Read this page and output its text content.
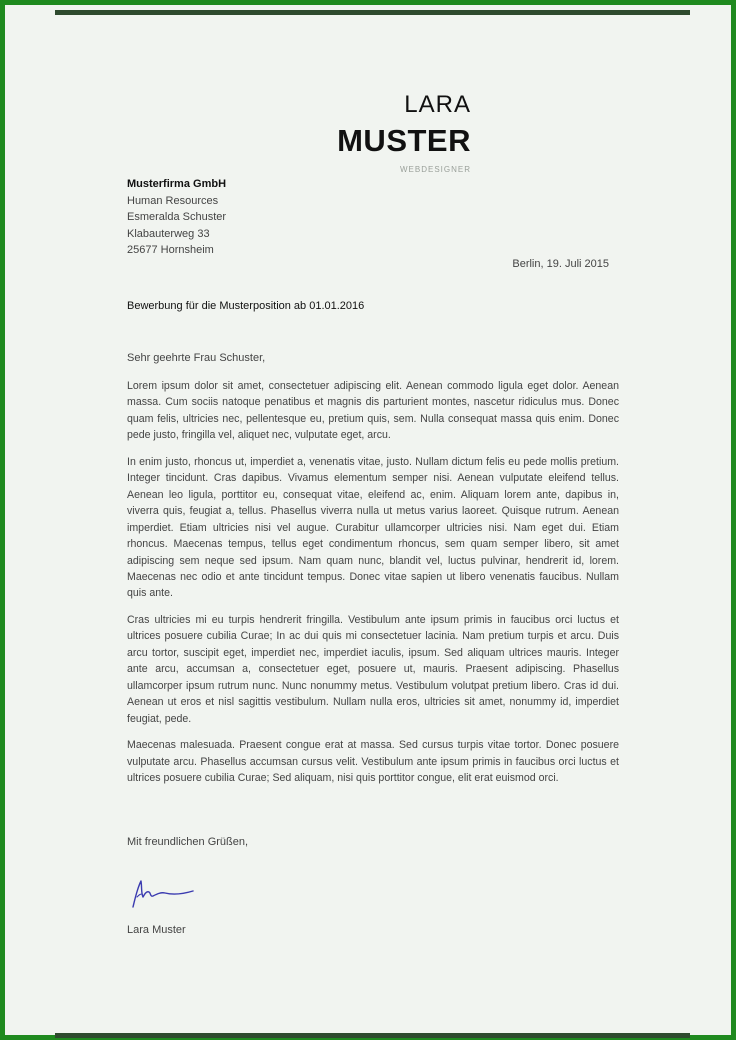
LARA
MUSTER
WEBDESIGNER
Musterfirma GmbH
Human Resources
Esmeralda Schuster
Klabauterweg 33
25677 Hornsheim
Berlin, 19. Juli 2015
Bewerbung für die Musterposition ab 01.01.2016
Sehr geehrte Frau Schuster,

Lorem ipsum dolor sit amet, consectetuer adipiscing elit. Aenean commodo ligula eget dolor. Aenean massa. Cum sociis natoque penatibus et magnis dis parturient montes, nascetur ridiculus mus. Donec quam felis, ultricies nec, pellentesque eu, pretium quis, sem. Nulla consequat massa quis enim. Donec pede justo, fringilla vel, aliquet nec, vulputate eget, arcu.

In enim justo, rhoncus ut, imperdiet a, venenatis vitae, justo. Nullam dictum felis eu pede mollis pretium. Integer tincidunt. Cras dapibus. Vivamus elementum semper nisi. Aenean vulputate eleifend tellus. Aenean leo ligula, porttitor eu, consequat vitae, eleifend ac, enim. Aliquam lorem ante, dapibus in, viverra quis, feugiat a, tellus. Phasellus viverra nulla ut metus varius laoreet. Quisque rutrum. Aenean imperdiet. Etiam ultricies nisi vel augue. Curabitur ullamcorper ultricies nisi. Nam eget dui. Etiam rhoncus. Maecenas tempus, tellus eget condimentum rhoncus, sem quam semper libero, sit amet adipiscing sem neque sed ipsum. Nam quam nunc, blandit vel, luctus pulvinar, hendrerit id, lorem. Maecenas nec odio et ante tincidunt tempus. Donec vitae sapien ut libero venenatis faucibus. Nullam quis ante.

Cras ultricies mi eu turpis hendrerit fringilla. Vestibulum ante ipsum primis in faucibus orci luctus et ultrices posuere cubilia Curae; In ac dui quis mi consectetuer lacinia. Nam pretium turpis et arcu. Duis arcu tortor, suscipit eget, imperdiet nec, imperdiet iaculis, ipsum. Sed aliquam ultrices mauris. Integer ante arcu, accumsan a, consectetuer eget, posuere ut, mauris. Praesent adipiscing. Phasellus ullamcorper ipsum rutrum nunc. Nunc nonummy metus. Vestibulum volutpat pretium libero. Cras id dui. Aenean ut eros et nisl sagittis vestibulum. Nullam nulla eros, ultricies sit amet, nonummy id, imperdiet feugiat, pede.

Maecenas malesuada. Praesent congue erat at massa. Sed cursus turpis vitae tortor. Donec posuere vulputate arcu. Phasellus accumsan cursus velit. Vestibulum ante ipsum primis in faucibus orci luctus et ultrices posuere cubilia Curae; Sed aliquam, nisi quis porttitor congue, elit erat euismod orci.

Mit freundlichen Grüßen,
Lara Muster
